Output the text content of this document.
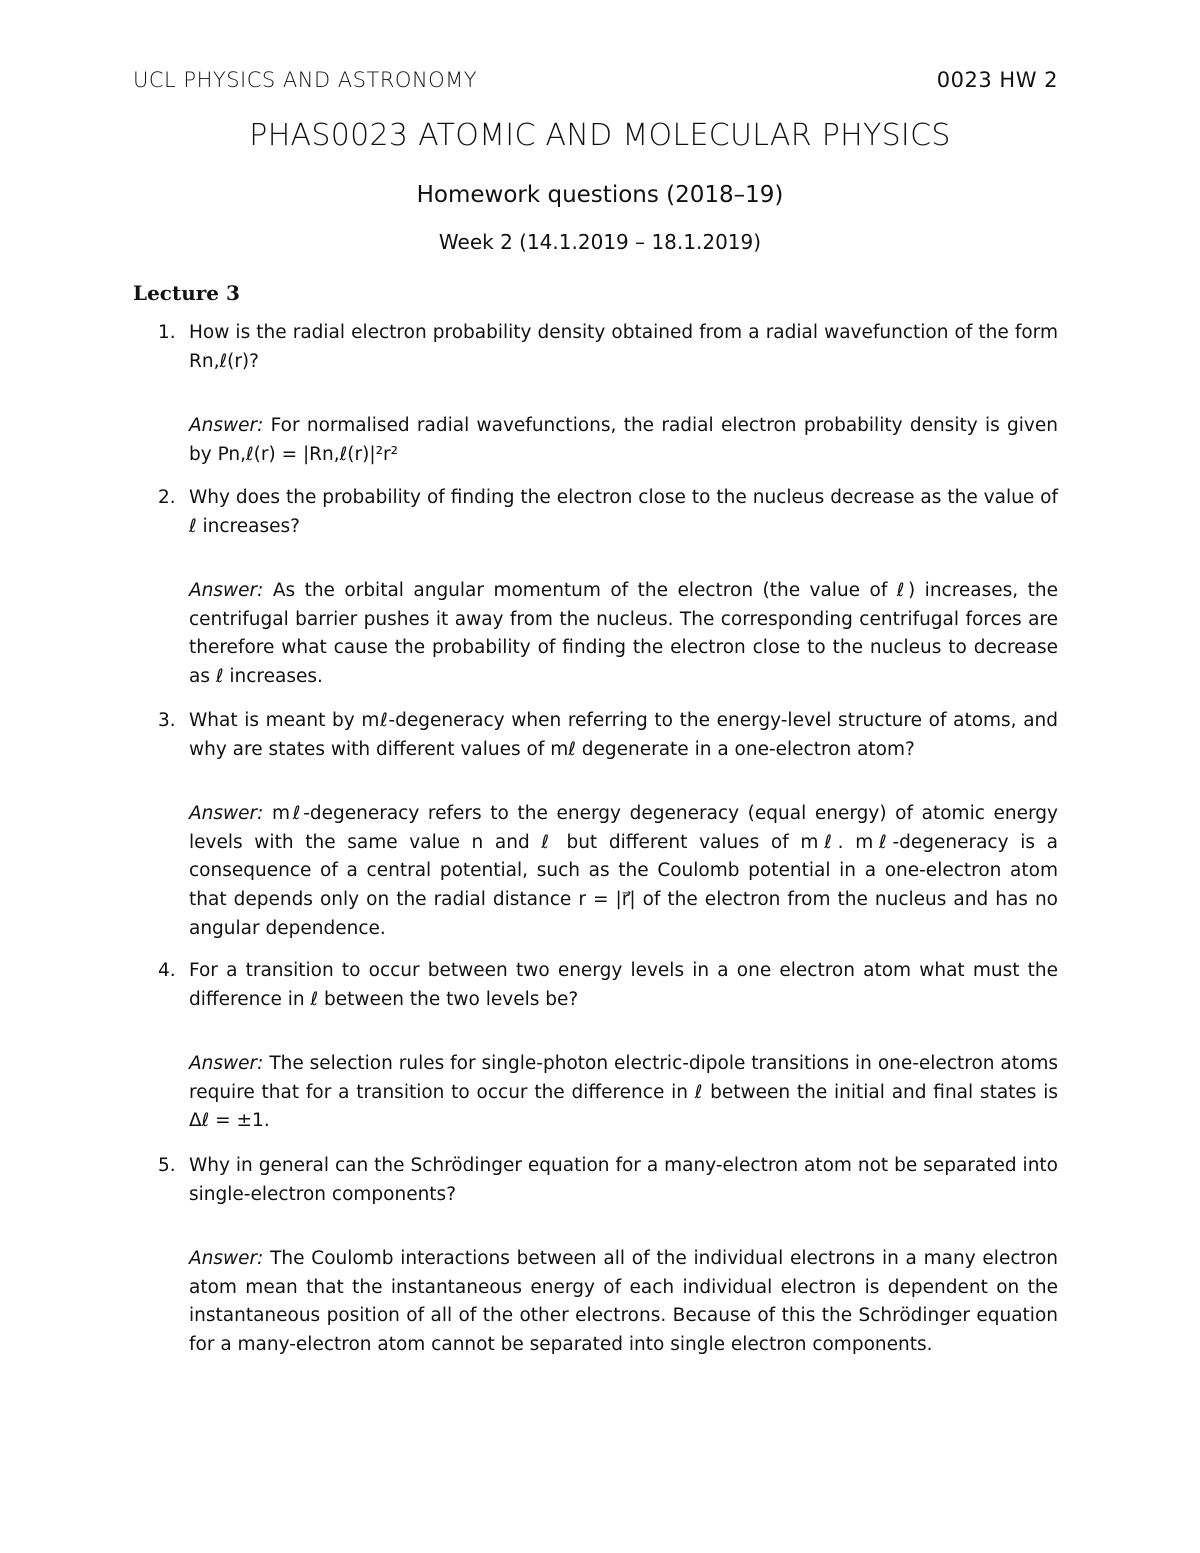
UCL PHYSICS AND ASTRONOMY	0023 HW 2
PHAS0023 ATOMIC AND MOLECULAR PHYSICS
Homework questions (2018–19)
Week 2 (14.1.2019 – 18.1.2019)
Lecture 3
1. How is the radial electron probability density obtained from a radial wavefunction of the form Rn,ℓ(r)?
Answer: For normalised radial wavefunctions, the radial electron probability density is given by Pn,ℓ(r) = |Rn,ℓ(r)|²r²
2. Why does the probability of finding the electron close to the nucleus decrease as the value of ℓ increases?
Answer: As the orbital angular momentum of the electron (the value of ℓ) increases, the centrifugal barrier pushes it away from the nucleus. The corresponding centrifugal forces are therefore what cause the probability of finding the electron close to the nucleus to decrease as ℓ increases.
3. What is meant by mℓ-degeneracy when referring to the energy-level structure of atoms, and why are states with different values of mℓ degenerate in a one-electron atom?
Answer: mℓ-degeneracy refers to the energy degeneracy (equal energy) of atomic energy levels with the same value n and ℓ but different values of mℓ. mℓ-degeneracy is a consequence of a central potential, such as the Coulomb potential in a one-electron atom that depends only on the radial distance r = |r⃗| of the electron from the nucleus and has no angular dependence.
4. For a transition to occur between two energy levels in a one electron atom what must the difference in ℓ between the two levels be?
Answer: The selection rules for single-photon electric-dipole transitions in one-electron atoms require that for a transition to occur the difference in ℓ between the initial and final states is Δℓ = ±1.
5. Why in general can the Schrödinger equation for a many-electron atom not be separated into single-electron components?
Answer: The Coulomb interactions between all of the individual electrons in a many electron atom mean that the instantaneous energy of each individual electron is dependent on the instantaneous position of all of the other electrons. Because of this the Schrödinger equation for a many-electron atom cannot be separated into single electron components.
